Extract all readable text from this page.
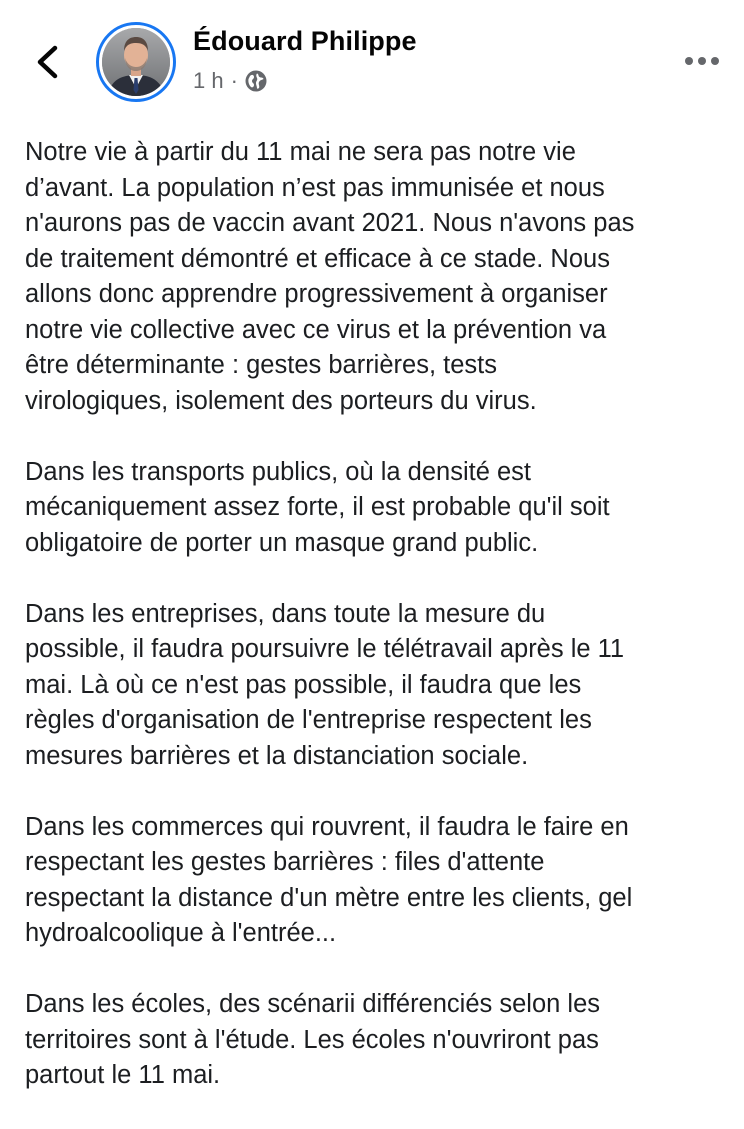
Édouard Philippe
1 h ·

Notre vie à partir du 11 mai ne sera pas notre vie
d’avant. La population n’est pas immunisée et nous
n'aurons pas de vaccin avant 2021. Nous n'avons pas
de traitement démontré et efficace à ce stade. Nous
allons donc apprendre progressivement à organiser
notre vie collective avec ce virus et la prévention va
être déterminante : gestes barrières, tests
virologiques, isolement des porteurs du virus.

Dans les transports publics, où la densité est
mécaniquement assez forte, il est probable qu'il soit
obligatoire de porter un masque grand public.

Dans les entreprises, dans toute la mesure du
possible, il faudra poursuivre le télétravail après le 11
mai. Là où ce n'est pas possible, il faudra que les
règles d'organisation de l'entreprise respectent les
mesures barrières et la distanciation sociale.

Dans les commerces qui rouvrent, il faudra le faire en
respectant les gestes barrières : files d'attente
respectant la distance d'un mètre entre les clients, gel
hydroalcoolique à l'entrée...

Dans les écoles, des scénarii différenciés selon les
territoires sont à l'étude. Les écoles n'ouvriront pas
partout le 11 mai.
